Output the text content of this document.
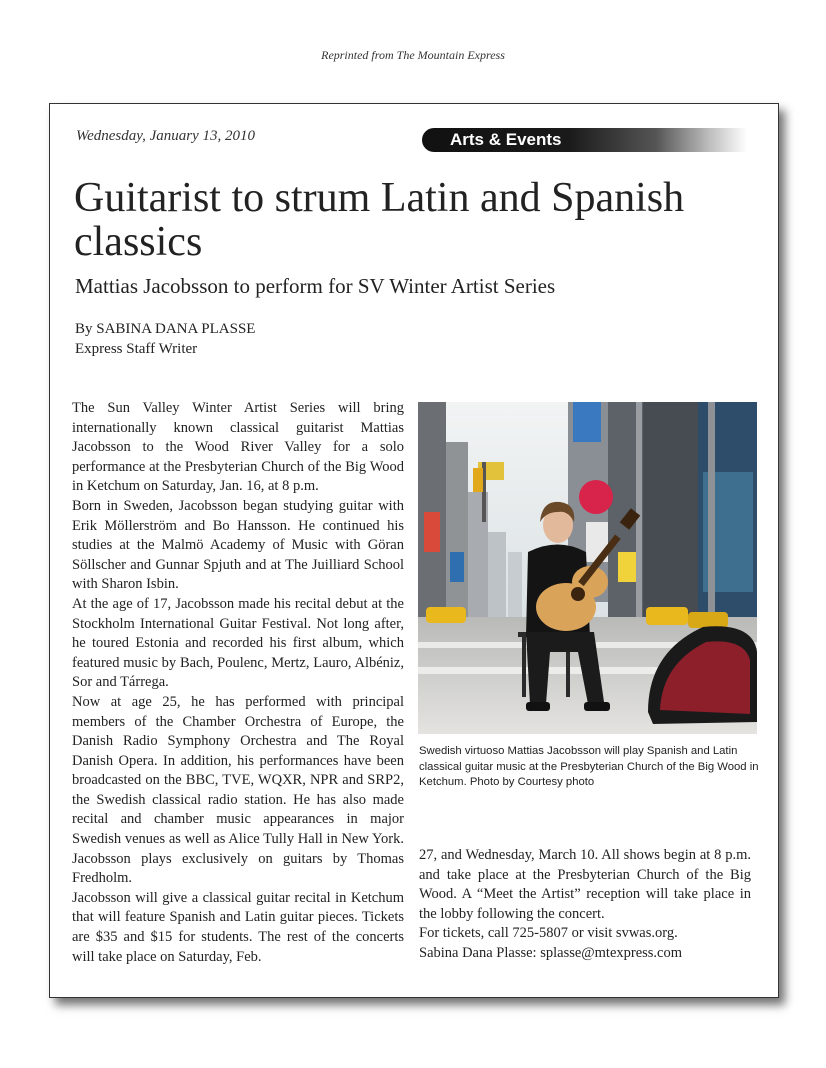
Reprinted from The Mountain Express
Wednesday, January 13, 2010	Arts & Events
Guitarist to strum Latin and Spanish classics
Mattias Jacobsson to perform for SV Winter Artist Series
By SABINA DANA PLASSE
Express Staff Writer

The Sun Valley Winter Artist Series will bring internationally known classical guitarist Mattias Jacobsson to the Wood River Valley for a solo performance at the Presbyterian Church of the Big Wood in Ketchum on Saturday, Jan. 16, at 8 p.m.

Born in Sweden, Jacobsson began studying guitar with Erik Möllerström and Bo Hansson. He continued his studies at the Malmö Academy of Music with Göran Söllscher and Gunnar Spjuth and at The Juilliard School with Sharon Isbin.

At the age of 17, Jacobsson made his recital debut at the Stockholm International Guitar Festival. Not long after, he toured Estonia and recorded his first album, which featured music by Bach, Poulenc, Mertz, Lauro, Albéniz, Sor and Tárrega.

Now at age 25, he has performed with principal members of the Chamber Orchestra of Europe, the Danish Radio Symphony Orchestra and The Royal Danish Opera. In addition, his performances have been broadcasted on the BBC, TVE, WQXR, NPR and SRP2, the Swedish classical radio station. He has also made recital and chamber music appearances in major Swedish venues as well as Alice Tully Hall in New York. Jacobsson plays exclusively on guitars by Thomas Fredholm.

Jacobsson will give a classical guitar recital in Ketchum that will feature Spanish and Latin guitar pieces. Tickets are $35 and $15 for students. The rest of the concerts will take place on Saturday, Feb.

Swedish virtuoso Mattias Jacobsson will play Spanish and Latin classical guitar music at the Presbyterian Church of the Big Wood in Ketchum. Photo by Courtesy photo

27, and Wednesday, March 10. All shows begin at 8 p.m. and take place at the Presbyterian Church of the Big Wood. A “Meet the Artist” reception will take place in the lobby following the concert.

For tickets, call 725-5807 or visit svwas.org.

Sabina Dana Plasse: splasse@mtexpress.com
